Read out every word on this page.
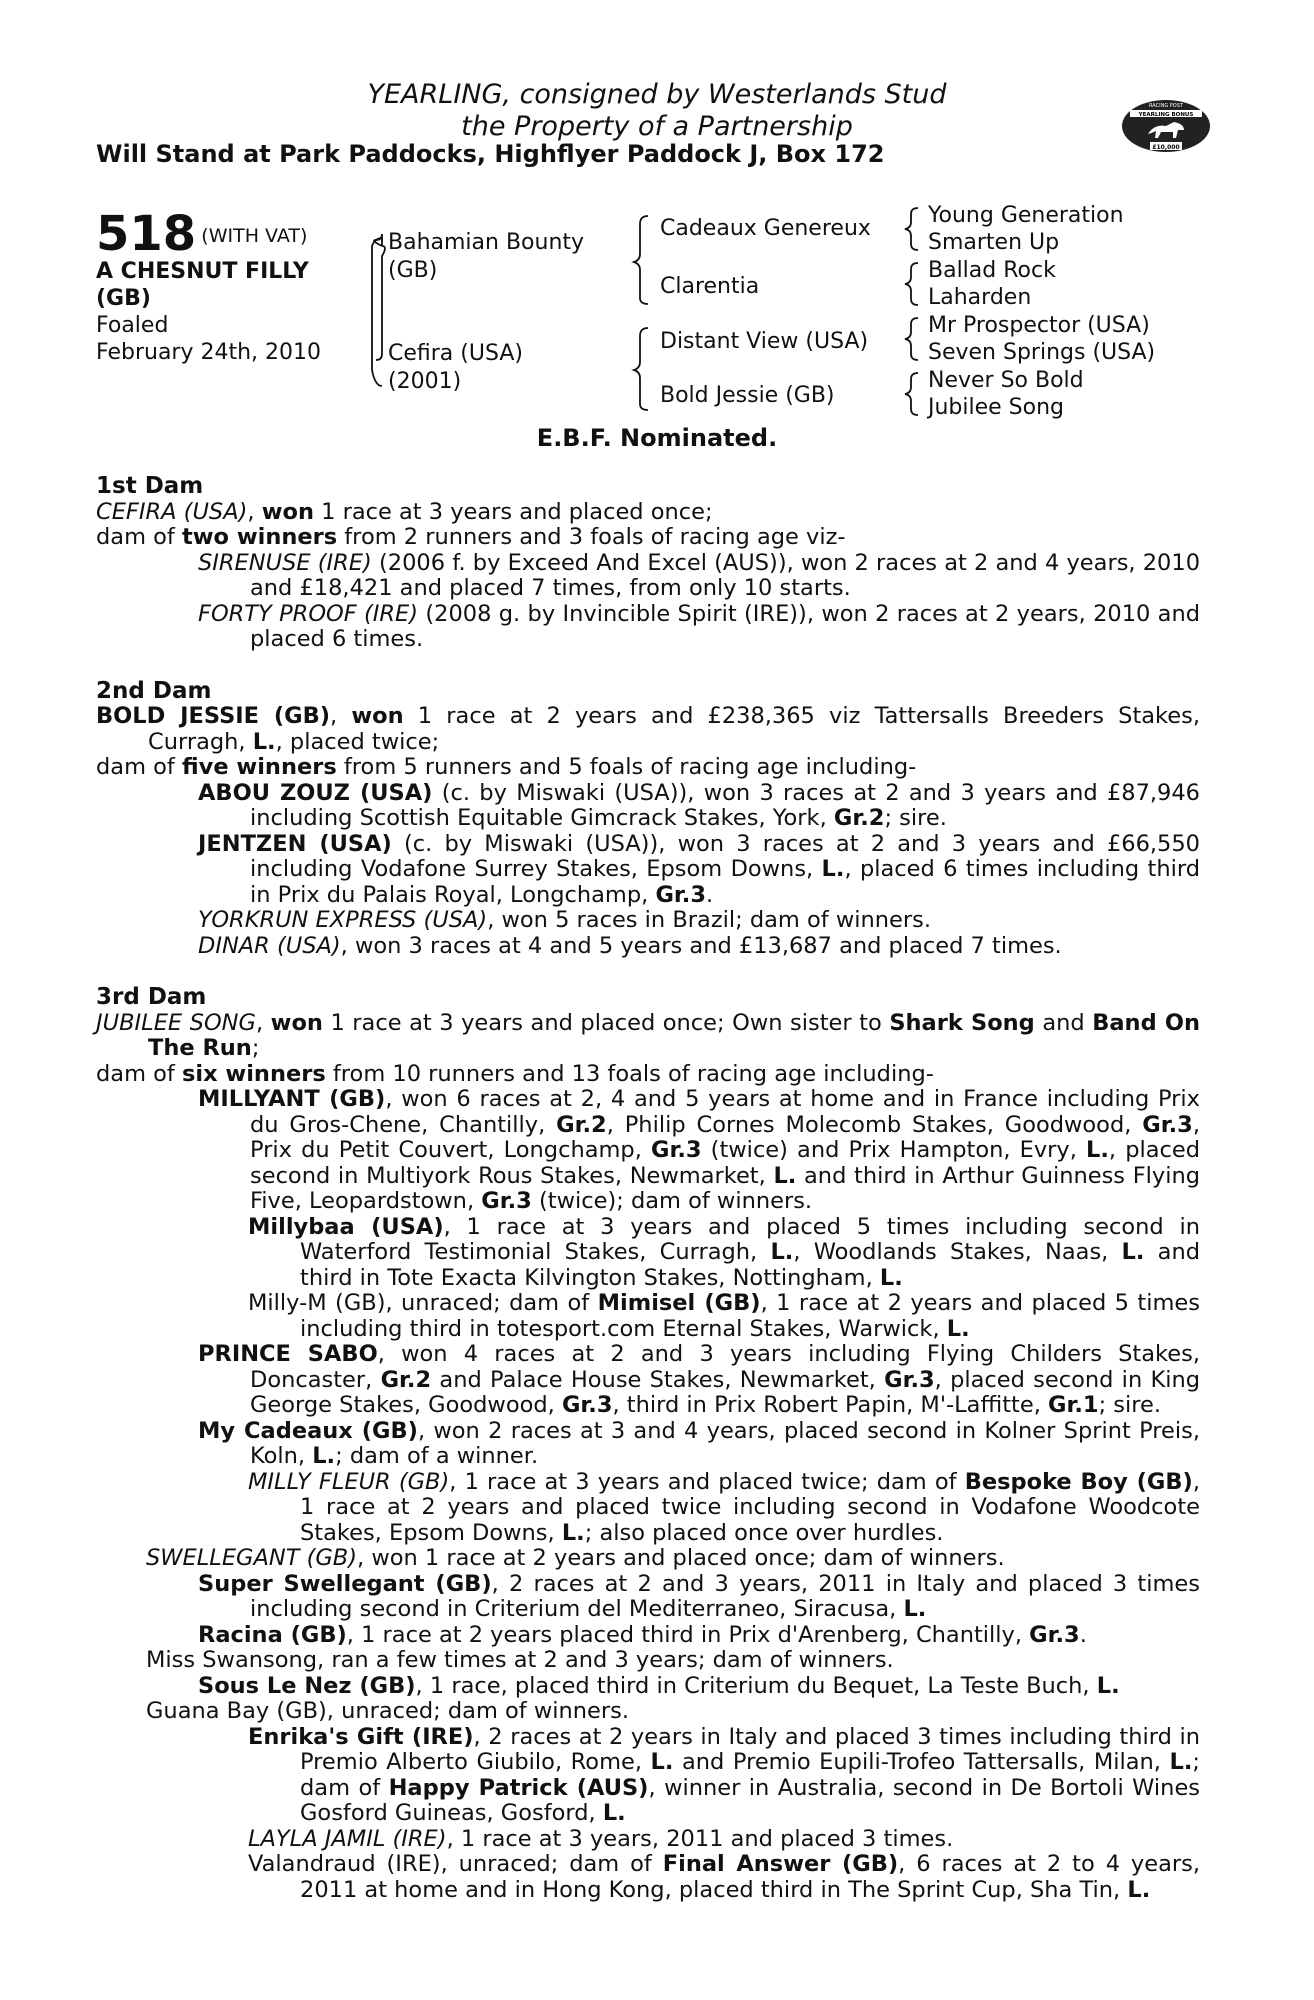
YEARLING, consigned by Westerlands Stud
the Property of a Partnership
Will Stand at Park Paddocks, Highflyer Paddock J, Box 172
YEARLING BONUS
RACING POST
£10,000
518 (WITH VAT)
A CHESNUT FILLY
(GB)
Foaled
February 24th, 2010
Bahamian Bounty
(GB)
Cefira (USA)
(2001)
Cadeaux Genereux
Clarentia
Distant View (USA)
Bold Jessie (GB)
Young Generation
Smarten Up
Ballad Rock
Laharden
Mr Prospector (USA)
Seven Springs (USA)
Never So Bold
Jubilee Song
E.B.F. Nominated.

1st Dam

CEFIRA (USA), won 1 race at 3 years and placed once;

dam of two winners from 2 runners and 3 foals of racing age viz-

SIRENUSE (IRE) (2006 f. by Exceed And Excel (AUS)), won 2 races at 2 and 4 years, 2010 and £18,421 and placed 7 times, from only 10 starts.

FORTY PROOF (IRE) (2008 g. by Invincible Spirit (IRE)), won 2 races at 2 years, 2010 and placed 6 times.

2nd Dam

BOLD JESSIE (GB), won 1 race at 2 years and £238,365 viz Tattersalls Breeders Stakes, Curragh, L., placed twice;

dam of five winners from 5 runners and 5 foals of racing age including-

ABOU ZOUZ (USA) (c. by Miswaki (USA)), won 3 races at 2 and 3 years and £87,946 including Scottish Equitable Gimcrack Stakes, York, Gr.2; sire.

JENTZEN (USA) (c. by Miswaki (USA)), won 3 races at 2 and 3 years and £66,550 including Vodafone Surrey Stakes, Epsom Downs, L., placed 6 times including third in Prix du Palais Royal, Longchamp, Gr.3.

YORKRUN EXPRESS (USA), won 5 races in Brazil; dam of winners.

DINAR (USA), won 3 races at 4 and 5 years and £13,687 and placed 7 times.

3rd Dam

JUBILEE SONG, won 1 race at 3 years and placed once; Own sister to Shark Song and Band On The Run;

dam of six winners from 10 runners and 13 foals of racing age including-

MILLYANT (GB), won 6 races at 2, 4 and 5 years at home and in France including Prix du Gros-Chene, Chantilly, Gr.2, Philip Cornes Molecomb Stakes, Goodwood, Gr.3, Prix du Petit Couvert, Longchamp, Gr.3 (twice) and Prix Hampton, Evry, L., placed second in Multiyork Rous Stakes, Newmarket, L. and third in Arthur Guinness Flying Five, Leopardstown, Gr.3 (twice); dam of winners.

Millybaa (USA), 1 race at 3 years and placed 5 times including second in Waterford Testimonial Stakes, Curragh, L., Woodlands Stakes, Naas, L. and third in Tote Exacta Kilvington Stakes, Nottingham, L.

Milly-M (GB), unraced; dam of Mimisel (GB), 1 race at 2 years and placed 5 times including third in totesport.com Eternal Stakes, Warwick, L.

PRINCE SABO, won 4 races at 2 and 3 years including Flying Childers Stakes, Doncaster, Gr.2 and Palace House Stakes, Newmarket, Gr.3, placed second in King George Stakes, Goodwood, Gr.3, third in Prix Robert Papin, M'-Laffitte, Gr.1; sire.

My Cadeaux (GB), won 2 races at 3 and 4 years, placed second in Kolner Sprint Preis, Koln, L.; dam of a winner.

MILLY FLEUR (GB), 1 race at 3 years and placed twice; dam of Bespoke Boy (GB), 1 race at 2 years and placed twice including second in Vodafone Woodcote Stakes, Epsom Downs, L.; also placed once over hurdles.

SWELLEGANT (GB), won 1 race at 2 years and placed once; dam of winners.

Super Swellegant (GB), 2 races at 2 and 3 years, 2011 in Italy and placed 3 times including second in Criterium del Mediterraneo, Siracusa, L.

Racina (GB), 1 race at 2 years placed third in Prix d'Arenberg, Chantilly, Gr.3.

Miss Swansong, ran a few times at 2 and 3 years; dam of winners.

Sous Le Nez (GB), 1 race, placed third in Criterium du Bequet, La Teste Buch, L.

Guana Bay (GB), unraced; dam of winners.

Enrika's Gift (IRE), 2 races at 2 years in Italy and placed 3 times including third in Premio Alberto Giubilo, Rome, L. and Premio Eupili-Trofeo Tattersalls, Milan, L.; dam of Happy Patrick (AUS), winner in Australia, second in De Bortoli Wines Gosford Guineas, Gosford, L.

LAYLA JAMIL (IRE), 1 race at 3 years, 2011 and placed 3 times.

Valandraud (IRE), unraced; dam of Final Answer (GB), 6 races at 2 to 4 years, 2011 at home and in Hong Kong, placed third in The Sprint Cup, Sha Tin, L.
